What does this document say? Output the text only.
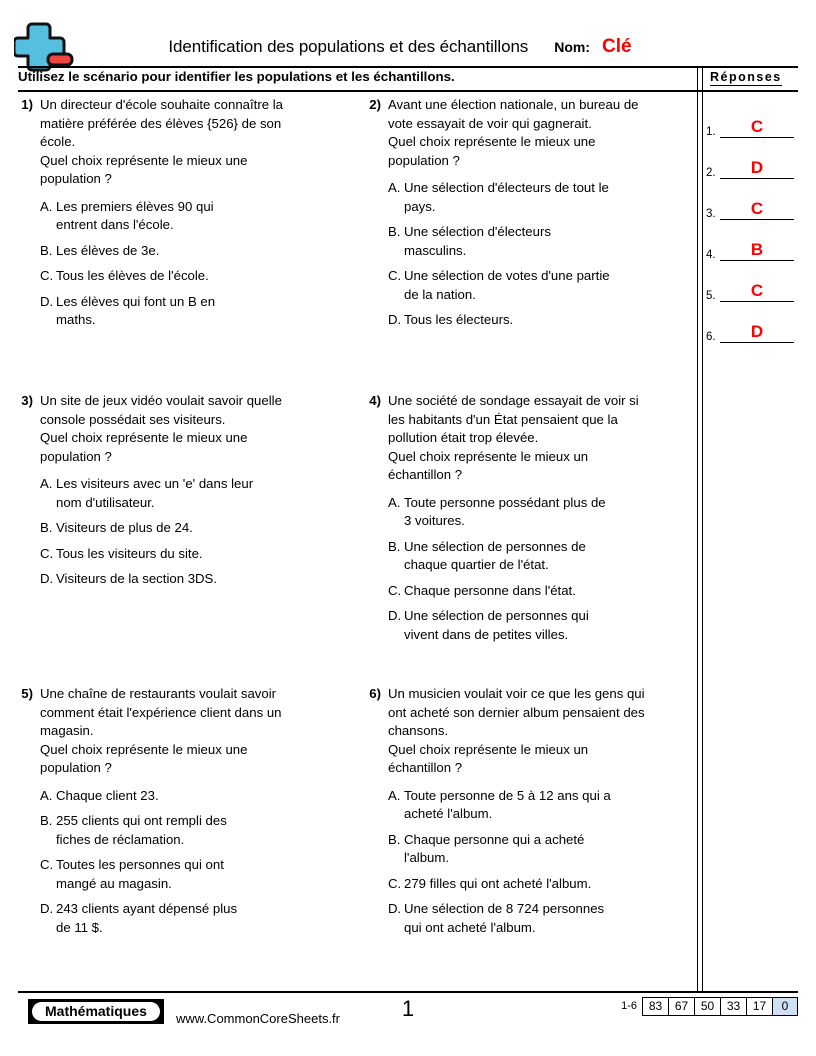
Identification des populations et des échantillons Nom: Clé
Utilisez le scénario pour identifier les populations et les échantillons.
1) Un directeur d'école souhaite connaître la
matière préférée des élèves {526} de son
école.
Quel choix représente le mieux une
population ?
A. Les premiers élèves 90 qui
entrent dans l'école.
B. Les élèves de 3e.
C. Tous les élèves de l'école.
D. Les élèves qui font un B en
maths.
2) Avant une élection nationale, un bureau de
vote essayait de voir qui gagnerait.
Quel choix représente le mieux une
population ?
A. Une sélection d'électeurs de tout le
pays.
B. Une sélection d'électeurs
masculins.
C. Une sélection de votes d'une partie
de la nation.
D. Tous les électeurs.
3) Un site de jeux vidéo voulait savoir quelle
console possédait ses visiteurs.
Quel choix représente le mieux une
population ?
A. Les visiteurs avec un 'e' dans leur
nom d'utilisateur.
B. Visiteurs de plus de 24.
C. Tous les visiteurs du site.
D. Visiteurs de la section 3DS.
4) Une société de sondage essayait de voir si
les habitants d'un État pensaient que la
pollution était trop élevée.
Quel choix représente le mieux un
échantillon ?
A. Toute personne possédant plus de
3 voitures.
B. Une sélection de personnes de
chaque quartier de l'état.
C. Chaque personne dans l'état.
D. Une sélection de personnes qui
vivent dans de petites villes.
5) Une chaîne de restaurants voulait savoir
comment était l'expérience client dans un
magasin.
Quel choix représente le mieux une
population ?
A. Chaque client 23.
B. 255 clients qui ont rempli des
fiches de réclamation.
C. Toutes les personnes qui ont
mangé au magasin.
D. 243 clients ayant dépensé plus
de 11 $.
6) Un musicien voulait voir ce que les gens qui
ont acheté son dernier album pensaient des
chansons.
Quel choix représente le mieux un
échantillon ?
A. Toute personne de 5 à 12 ans qui a
acheté l'album.
B. Chaque personne qui a acheté
l'album.
C. 279 filles qui ont acheté l'album.
D. Une sélection de 8 724 personnes
qui ont acheté l'album.
Réponses
1.	C
2.	D
3.	C
4.	B
5.	C
6.	D
Mathématiques	www.CommonCoreSheets.fr	1	1-6 83	67	50	33	17	0
